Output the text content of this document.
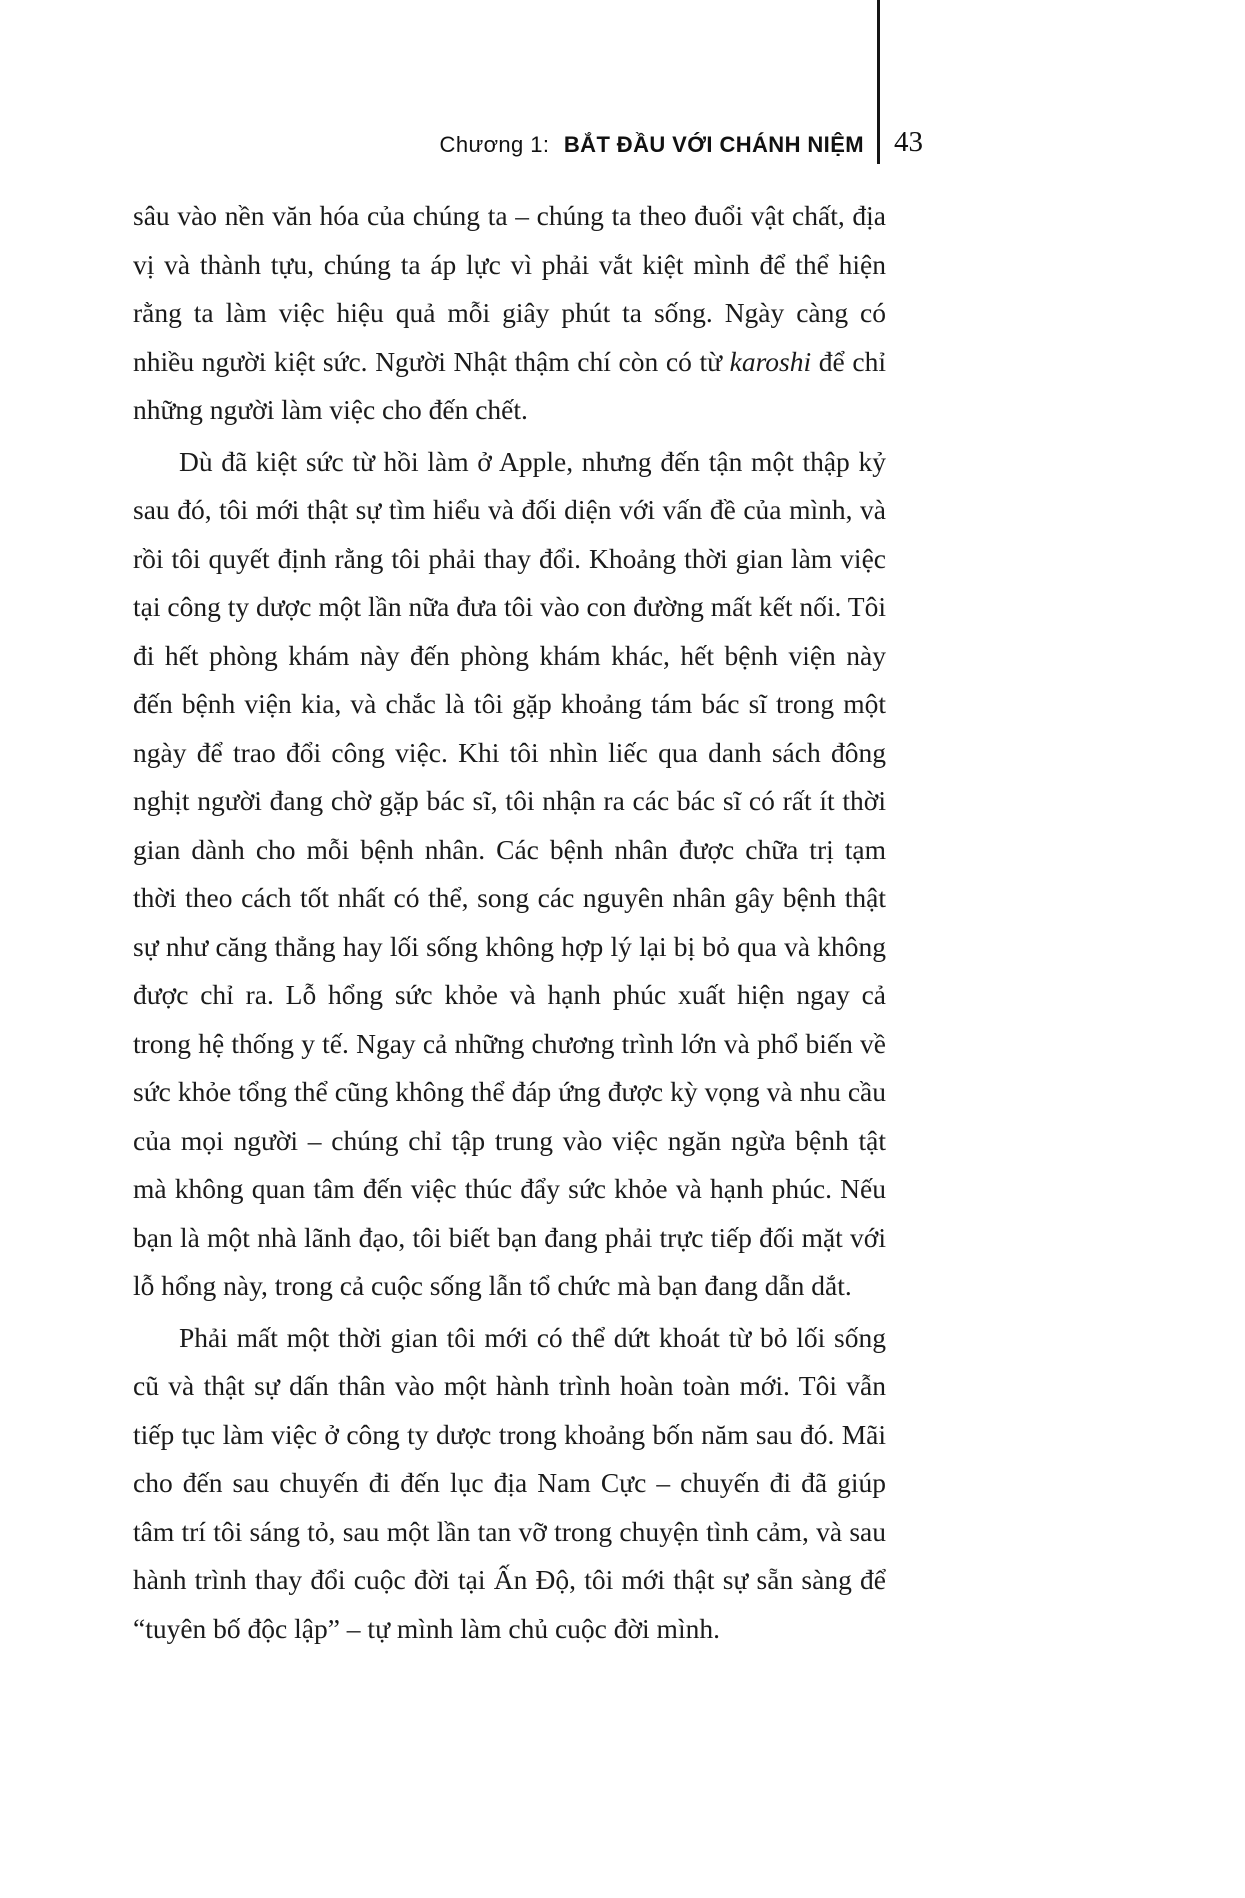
Chương 1: BẮT ĐẦU VỚI CHÁNH NIỆM 43

sâu vào nền văn hóa của chúng ta – chúng ta theo đuổi vật chất, địa vị và thành tựu, chúng ta áp lực vì phải vắt kiệt mình để thể hiện rằng ta làm việc hiệu quả mỗi giây phút ta sống. Ngày càng có nhiều người kiệt sức. Người Nhật thậm chí còn có từ karoshi để chỉ những người làm việc cho đến chết.

Dù đã kiệt sức từ hồi làm ở Apple, nhưng đến tận một thập kỷ sau đó, tôi mới thật sự tìm hiểu và đối diện với vấn đề của mình, và rồi tôi quyết định rằng tôi phải thay đổi. Khoảng thời gian làm việc tại công ty dược một lần nữa đưa tôi vào con đường mất kết nối. Tôi đi hết phòng khám này đến phòng khám khác, hết bệnh viện này đến bệnh viện kia, và chắc là tôi gặp khoảng tám bác sĩ trong một ngày để trao đổi công việc. Khi tôi nhìn liếc qua danh sách đông nghịt người đang chờ gặp bác sĩ, tôi nhận ra các bác sĩ có rất ít thời gian dành cho mỗi bệnh nhân. Các bệnh nhân được chữa trị tạm thời theo cách tốt nhất có thể, song các nguyên nhân gây bệnh thật sự như căng thẳng hay lối sống không hợp lý lại bị bỏ qua và không được chỉ ra. Lỗ hổng sức khỏe và hạnh phúc xuất hiện ngay cả trong hệ thống y tế. Ngay cả những chương trình lớn và phổ biến về sức khỏe tổng thể cũng không thể đáp ứng được kỳ vọng và nhu cầu của mọi người – chúng chỉ tập trung vào việc ngăn ngừa bệnh tật mà không quan tâm đến việc thúc đẩy sức khỏe và hạnh phúc. Nếu bạn là một nhà lãnh đạo, tôi biết bạn đang phải trực tiếp đối mặt với lỗ hổng này, trong cả cuộc sống lẫn tổ chức mà bạn đang dẫn dắt.

Phải mất một thời gian tôi mới có thể dứt khoát từ bỏ lối sống cũ và thật sự dấn thân vào một hành trình hoàn toàn mới. Tôi vẫn tiếp tục làm việc ở công ty dược trong khoảng bốn năm sau đó. Mãi cho đến sau chuyến đi đến lục địa Nam Cực – chuyến đi đã giúp tâm trí tôi sáng tỏ, sau một lần tan vỡ trong chuyện tình cảm, và sau hành trình thay đổi cuộc đời tại Ấn Độ, tôi mới thật sự sẵn sàng để “tuyên bố độc lập” – tự mình làm chủ cuộc đời mình.
